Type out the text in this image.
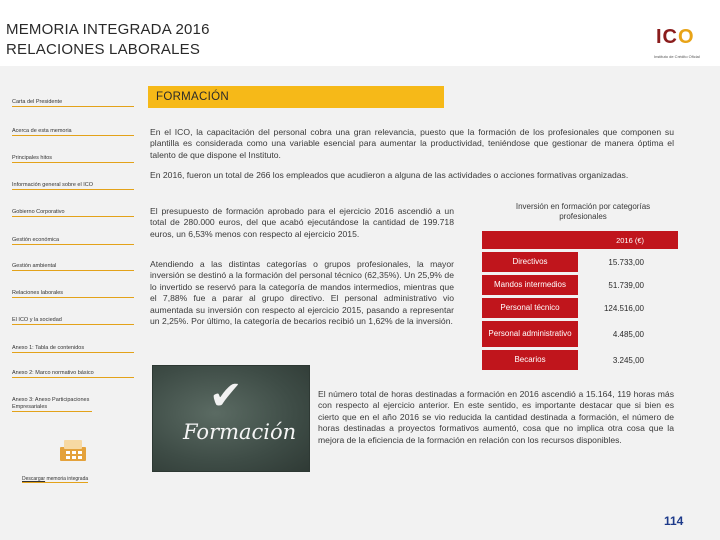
MEMORIA INTEGRADA 2016
RELACIONES LABORALES
ICO
Instituto de Crédito Oficial
Carta del Presidente
Acerca de esta memoria
Principales hitos
Información general sobre el ICO
Gobierno Corporativo
Gestión económica
Gestión ambiental
Relaciones laborales
El ICO y la sociedad
Anexo 1: Tabla de contenidos
Anexo 2: Marco normativo básico
Anexo 3: Anexo Participaciones Empresariales
Descargar memoria integrada
FORMACIÓN

En el ICO, la capacitación del personal cobra una gran relevancia, puesto que la formación de los profesionales que componen su plantilla es considerada como una variable esencial para aumentar la productividad, teniéndose que gestionar de manera óptima el talento de que dispone el Instituto.

En 2016, fueron un total de 266 los empleados que acudieron a alguna de las actividades o acciones formativas organizadas.

El presupuesto de formación aprobado para el ejercicio 2016 ascendió a un total de 280.000 euros, del que acabó ejecutándose la cantidad de 199.718 euros, un 6,53% menos con respecto al ejercicio 2015.

Atendiendo a las distintas categorías o grupos profesionales, la mayor inversión se destinó a la formación del personal técnico (62,35%). Un 25,9% de lo invertido se reservó para la categoría de mandos intermedios, mientras que el 7,88% fue a parar al grupo directivo. El personal administrativo vio aumentada su inversión con respecto al ejercicio 2015, pasando a representar un 2,25%. Por último, la categoría de becarios recibió un 1,62% de la inversión.

El número total de horas destinadas a formación en 2016 ascendió a 15.164, 119 horas más con respecto al ejercicio anterior. En este sentido, es importante destacar que si bien es cierto que en el año 2016 se vio reducida la cantidad destinada a formación, el número de horas destinadas a proyectos formativos aumentó, cosa que no implica otra cosa que la mejora de la eficiencia de la formación en relación con los recursos disponibles.

Inversión en formación por categorías profesionales
2016 (€)
Directivos	15.733,00
Mandos intermedios	51.739,00
Personal técnico	124.516,00
Personal administrativo	4.485,00
Becarios	3.245,00
✔
Formación
114
